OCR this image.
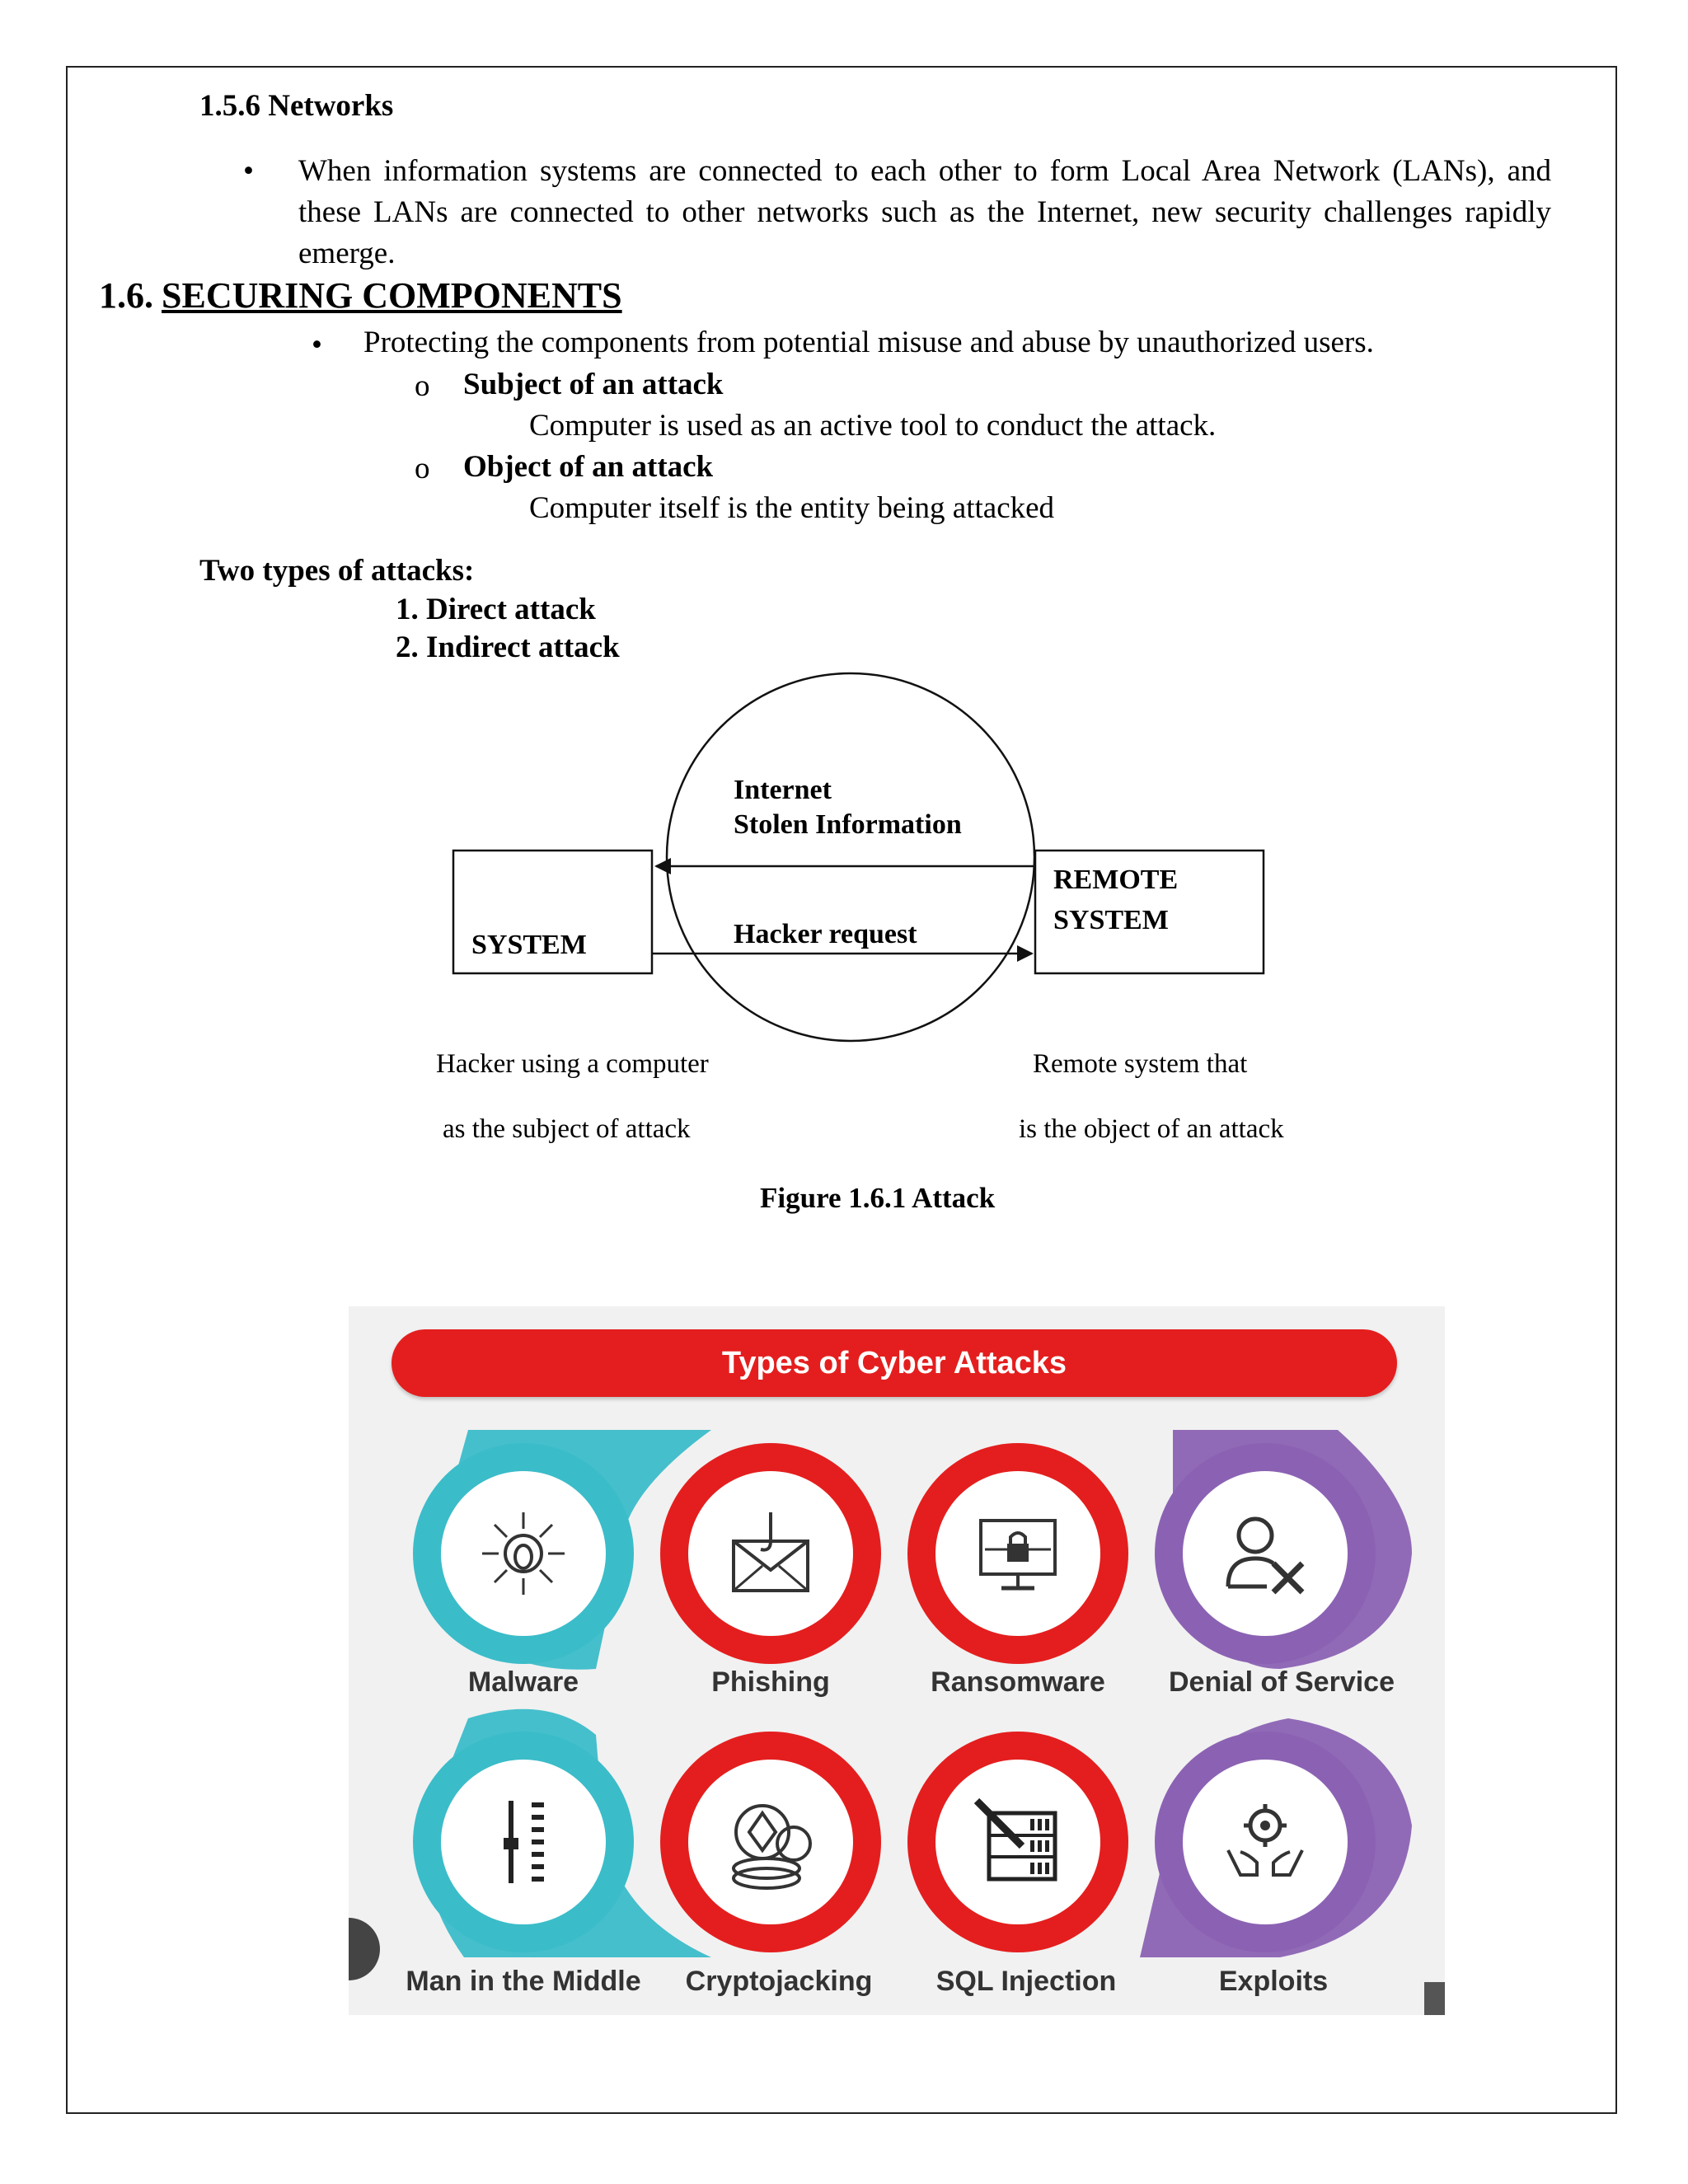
1.5.6 Networks
• When information systems are connected to each other to form Local Area Network (LANs), and these LANs are connected to other networks such as the Internet, new security challenges rapidly emerge.
1.6. SECURING COMPONENTS
• Protecting the components from potential misuse and abuse by unauthorized users.
o Subject of an attack
Computer is used as an active tool to conduct the attack.
o Object of an attack
Computer itself is the entity being attacked
Two types of attacks:
1. Direct attack
2. Indirect attack
Internet
Stolen Information
Hacker request
SYSTEM
REMOTE
SYSTEM
Hacker using a computer
as the subject of attack
Remote system that
is the object of an attack
Figure 1.6.1 Attack
Types of Cyber Attacks
Malware	Phishing	Ransomware	Denial of Service
Man in the Middle	Cryptojacking	SQL Injection	Exploits
